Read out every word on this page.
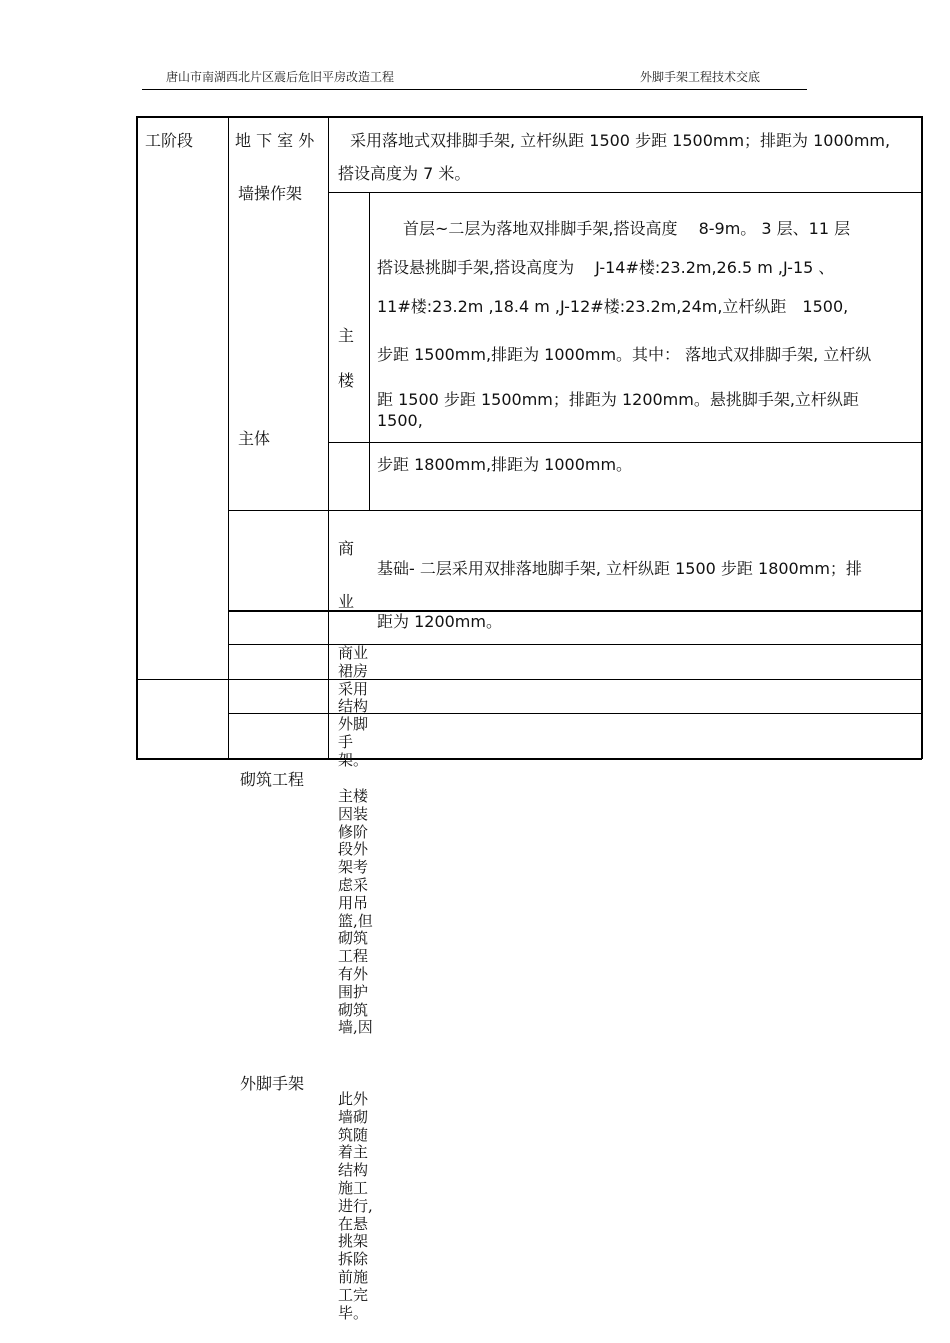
唐山市南湖西北片区震后危旧平房改造工程	外脚手架工程技术交底
工阶段	地 下 室 外
墙操作架
采用落地式双排脚手架, 立杆纵距 1500 步距 1500mm；排距为 1000mm,
搭设高度为 7 米。
主体
主
楼
首层~二层为落地双排脚手架,搭设高度　 8-9m。 3 层、11 层
搭设悬挑脚手架,搭设高度为　 J-14#楼:23.2m,26.5 m ,J-15 、
11#楼:23.2m ,18.4 m ,J-12#楼:23.2m,24m,立杆纵距　1500,
步距 1500mm,排距为 1000mm。其中： 落地式双排脚手架, 立杆纵
距 1500 步距 1500mm；排距为 1200mm。悬挑脚手架,立杆纵距
1500,
步距 1800mm,排距为 1000mm。
商
业
基础- 二层采用双排落地脚手架, 立杆纵距 1500 步距 1800mm；排
距为 1200mm。
商业裙房采用结构外脚手架。
砌筑工程
主楼因装修阶段外架考虑采用吊篮,但砌筑工程有外围护砌筑墙,因
此外墙砌筑随着主结构施工进行,在悬挑架拆除前施工完毕。
外脚手架
